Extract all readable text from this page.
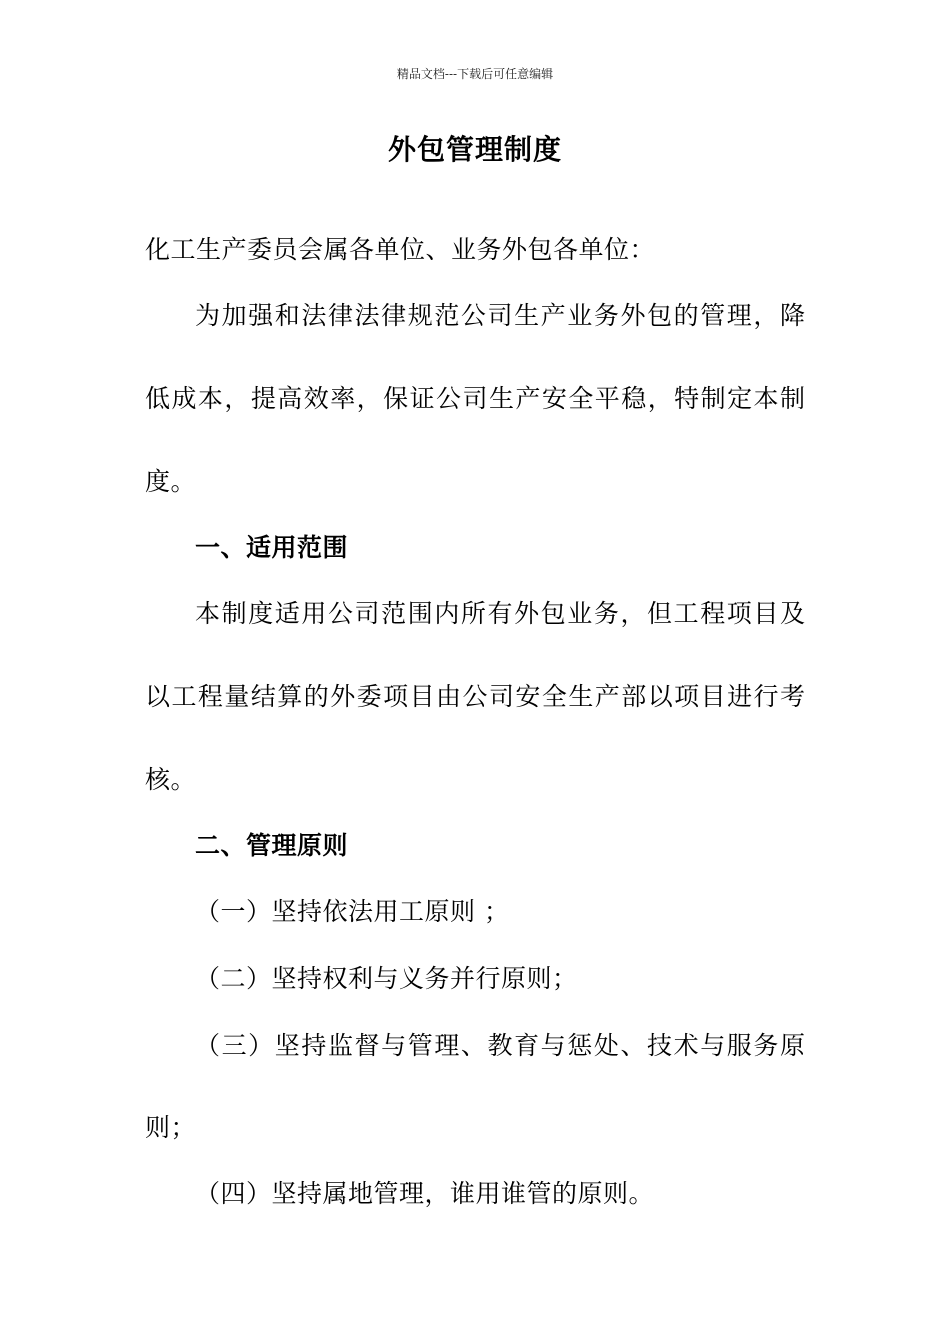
精品文档---下载后可任意编辑
外包管理制度
化工生产委员会属各单位、业务外包各单位：
为加强和法律法律规范公司生产业务外包的管理，降
低成本，提高效率，保证公司生产安全平稳，特制定本制
度。
一、适用范围
本制度适用公司范围内所有外包业务，但工程项目及
以工程量结算的外委项目由公司安全生产部以项目进行考
核。
二、管理原则
（一）坚持依法用工原则 ；
（二）坚持权利与义务并行原则；
（三）坚持监督与管理、教育与惩处、技术与服务原
则；
（四）坚持属地管理，谁用谁管的原则。
